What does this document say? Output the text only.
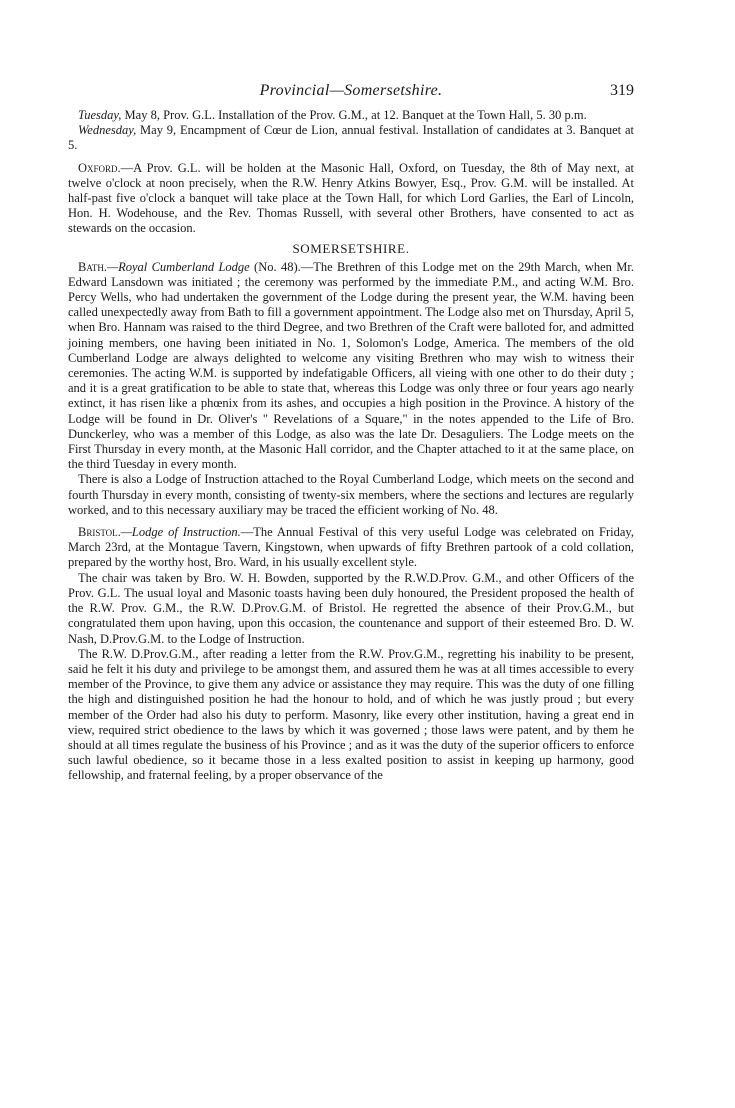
Provincial—Somersetshire.	319

Tuesday, May 8, Prov. G.L. Installation of the Prov. G.M., at 12. Banquet at the Town Hall, 5. 30 p.m.

Wednesday, May 9, Encampment of Cœur de Lion, annual festival. Installation of candidates at 3. Banquet at 5.

Oxford.—A Prov. G.L. will be holden at the Masonic Hall, Oxford, on Tuesday, the 8th of May next, at twelve o'clock at noon precisely, when the R.W. Henry Atkins Bowyer, Esq., Prov. G.M. will be installed. At half-past five o'clock a banquet will take place at the Town Hall, for which Lord Garlies, the Earl of Lincoln, Hon. H. Wodehouse, and the Rev. Thomas Russell, with several other Brothers, have consented to act as stewards on the occasion.

SOMERSETSHIRE.

Bath.—Royal Cumberland Lodge (No. 48).—The Brethren of this Lodge met on the 29th March, when Mr. Edward Lansdown was initiated ; the ceremony was performed by the immediate P.M., and acting W.M. Bro. Percy Wells, who had undertaken the government of the Lodge during the present year, the W.M. having been called unexpectedly away from Bath to fill a government appointment. The Lodge also met on Thursday, April 5, when Bro. Hannam was raised to the third Degree, and two Brethren of the Craft were balloted for, and admitted joining members, one having been initiated in No. 1, Solomon's Lodge, America. The members of the old Cumberland Lodge are always delighted to welcome any visiting Brethren who may wish to witness their ceremonies. The acting W.M. is supported by indefatigable Officers, all vieing with one other to do their duty ; and it is a great gratification to be able to state that, whereas this Lodge was only three or four years ago nearly extinct, it has risen like a phœnix from its ashes, and occupies a high position in the Province. A history of the Lodge will be found in Dr. Oliver's " Revelations of a Square," in the notes appended to the Life of Bro. Dunckerley, who was a member of this Lodge, as also was the late Dr. Desaguliers. The Lodge meets on the First Thursday in every month, at the Masonic Hall corridor, and the Chapter attached to it at the same place, on the third Tuesday in every month.

There is also a Lodge of Instruction attached to the Royal Cumberland Lodge, which meets on the second and fourth Thursday in every month, consisting of twenty-six members, where the sections and lectures are regularly worked, and to this necessary auxiliary may be traced the efficient working of No. 48.

Bristol.—Lodge of Instruction.—The Annual Festival of this very useful Lodge was celebrated on Friday, March 23rd, at the Montague Tavern, Kingstown, when upwards of fifty Brethren partook of a cold collation, prepared by the worthy host, Bro. Ward, in his usually excellent style.

The chair was taken by Bro. W. H. Bowden, supported by the R.W.D.Prov. G.M., and other Officers of the Prov. G.L. The usual loyal and Masonic toasts having been duly honoured, the President proposed the health of the R.W. Prov. G.M., the R.W. D.Prov.G.M. of Bristol. He regretted the absence of their Prov.G.M., but congratulated them upon having, upon this occasion, the countenance and support of their esteemed Bro. D. W. Nash, D.Prov.G.M. to the Lodge of Instruction.

The R.W. D.Prov.G.M., after reading a letter from the R.W. Prov.G.M., regretting his inability to be present, said he felt it his duty and privilege to be amongst them, and assured them he was at all times accessible to every member of the Province, to give them any advice or assistance they may require. This was the duty of one filling the high and distinguished position he had the honour to hold, and of which he was justly proud ; but every member of the Order had also his duty to perform. Masonry, like every other institution, having a great end in view, required strict obedience to the laws by which it was governed ; those laws were patent, and by them he should at all times regulate the business of his Province ; and as it was the duty of the superior officers to enforce such lawful obedience, so it became those in a less exalted position to assist in keeping up harmony, good fellowship, and fraternal feeling, by a proper observance of the
